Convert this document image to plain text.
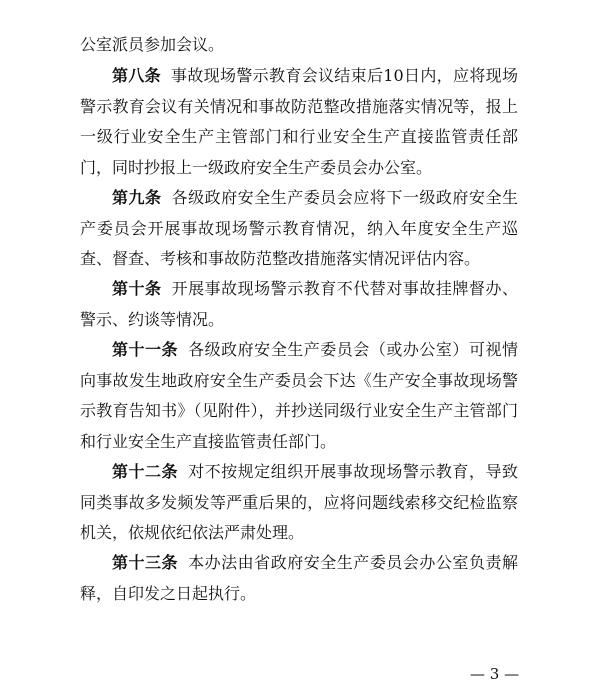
公室派员参加会议。

第八条 事故现场警示教育会议结束后10日内，应将现场警示教育会议有关情况和事故防范整改措施落实情况等，报上一级行业安全生产主管部门和行业安全生产直接监管责任部门，同时抄报上一级政府安全生产委员会办公室。

第九条 各级政府安全生产委员会应将下一级政府安全生产委员会开展事故现场警示教育情况，纳入年度安全生产巡查、督查、考核和事故防范整改措施落实情况评估内容。

第十条 开展事故现场警示教育不代替对事故挂牌督办、警示、约谈等情况。

第十一条 各级政府安全生产委员会（或办公室）可视情向事故发生地政府安全生产委员会下达《生产安全事故现场警示教育告知书》（见附件），并抄送同级行业安全生产主管部门和行业安全生产直接监管责任部门。

第十二条 对不按规定组织开展事故现场警示教育，导致同类事故多发频发等严重后果的，应将问题线索移交纪检监察机关，依规依纪依法严肃处理。

第十三条 本办法由省政府安全生产委员会办公室负责解释，自印发之日起执行。

— 3 —
